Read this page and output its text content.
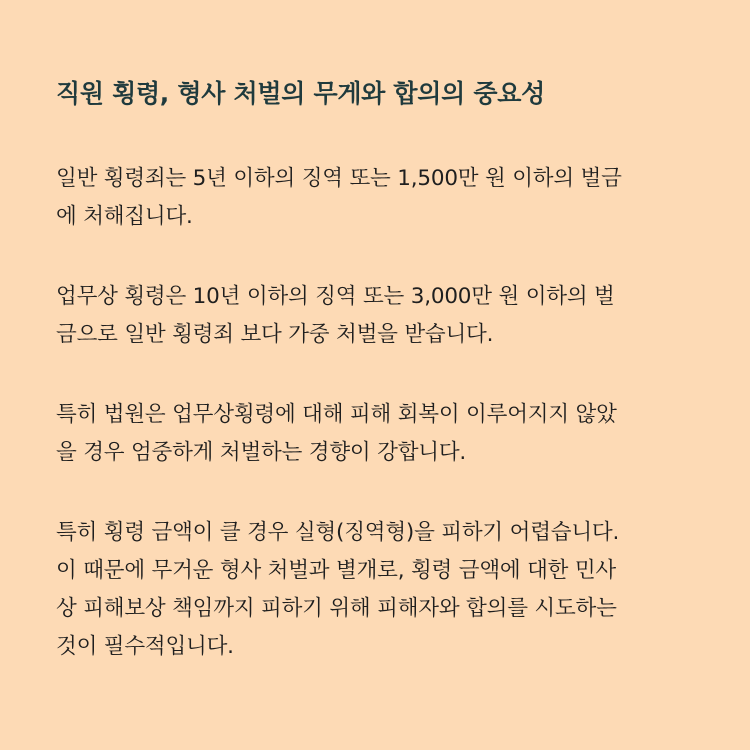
직원 횡령, 형사 처벌의 무게와 합의의 중요성

일반 횡령죄는 5년 이하의 징역 또는 1,500만 원 이하의 벌금
에 처해집니다.

업무상 횡령은 10년 이하의 징역 또는 3,000만 원 이하의 벌
금으로 일반 횡령죄 보다 가중 처벌을 받습니다.

특히 법원은 업무상횡령에 대해 피해 회복이 이루어지지 않았
을 경우 엄중하게 처벌하는 경향이 강합니다.

특히 횡령 금액이 클 경우 실형(징역형)을 피하기 어렵습니다.
이 때문에 무거운 형사 처벌과 별개로, 횡령 금액에 대한 민사
상 피해보상 책임까지 피하기 위해 피해자와 합의를 시도하는
것이 필수적입니다.
